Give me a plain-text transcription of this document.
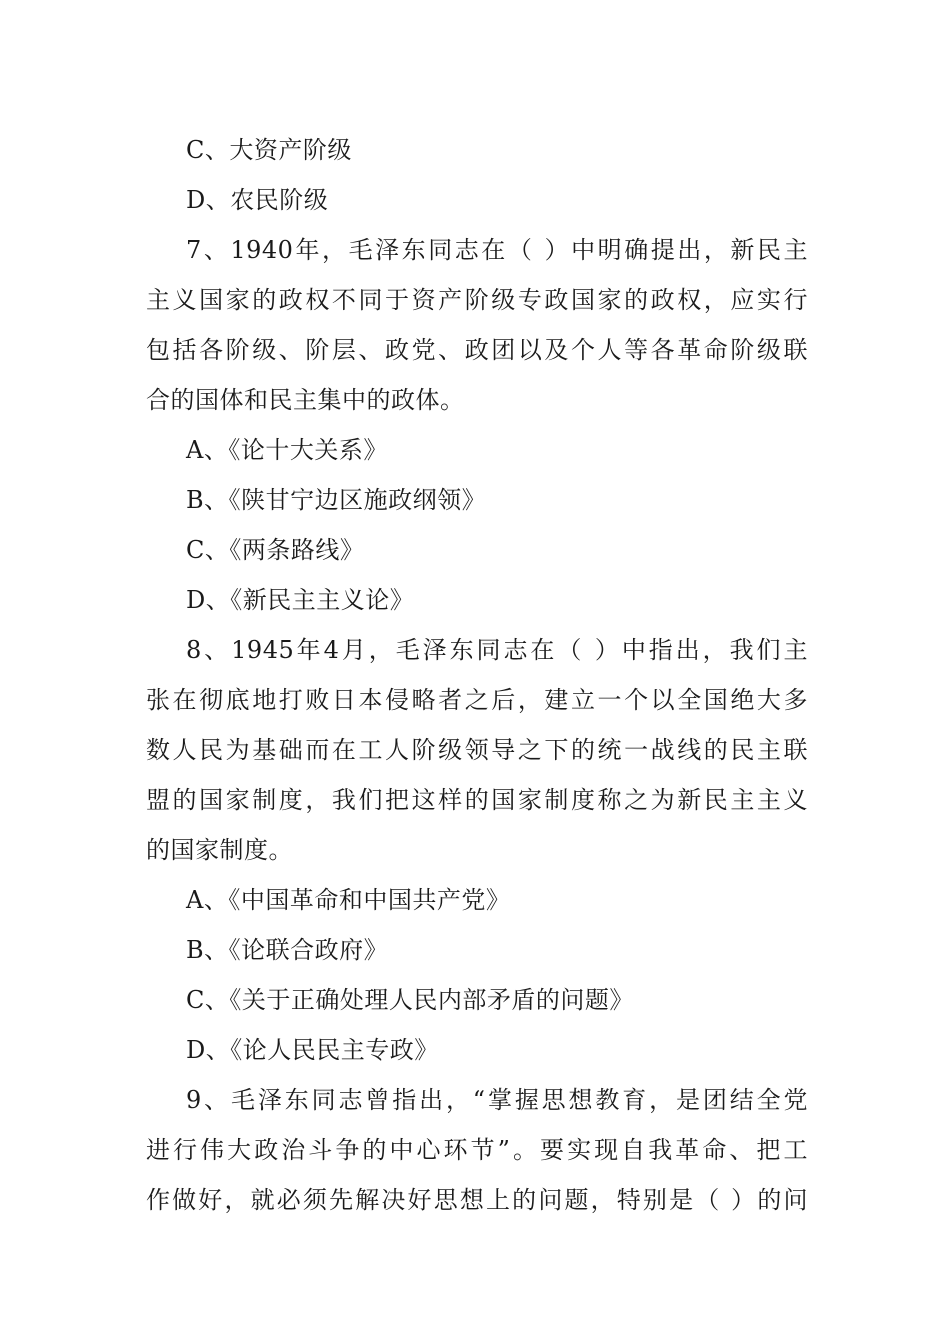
C、大资产阶级
D、农民阶级
7、1940年，毛泽东同志在（ ）中明确提出，新民主
主义国家的政权不同于资产阶级专政国家的政权，应实行
包括各阶级、阶层、政党、政团以及个人等各革命阶级联
合的国体和民主集中的政体。
A、《论十大关系》
B、《陕甘宁边区施政纲领》
C、《两条路线》
D、《新民主主义论》
8、1945年4月，毛泽东同志在（ ）中指出，我们主
张在彻底地打败日本侵略者之后，建立一个以全国绝大多
数人民为基础而在工人阶级领导之下的统一战线的民主联
盟的国家制度，我们把这样的国家制度称之为新民主主义
的国家制度。
A、《中国革命和中国共产党》
B、《论联合政府》
C、《关于正确处理人民内部矛盾的问题》
D、《论人民民主专政》
9、毛泽东同志曾指出，“掌握思想教育，是团结全党
进行伟大政治斗争的中心环节”。要实现自我革命、把工
作做好，就必须先解决好思想上的问题，特别是（ ）的问
